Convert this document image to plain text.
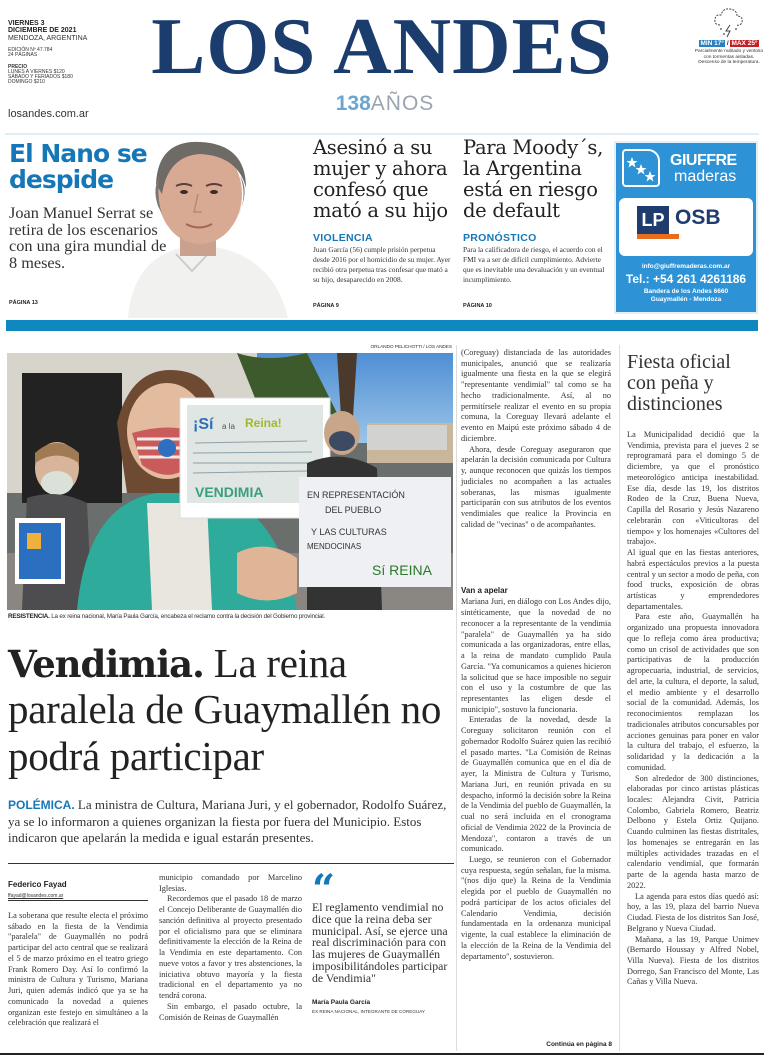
VIERNES 3
DICIEMBRE DE 2021
MENDOZA, ARGENTINA
EDICIÓN Nº 47.784
24 PÁGINAS
PRECIO
LUNES A VIERNES $120
SÁBADO Y FERIADOS $180
DOMINGO $210
losandes.com.ar
LOS ANDES
138AÑOS
MIN 17° / MAX 25°
Parcialmente nublado y ventoso con tormentas aisladas. Descenso de la temperatura.
El Nano se despide
Joan Manuel Serrat se retira de los escenarios con una gira mundial de 8 meses.
PÁGINA 13
Asesinó a su mujer y ahora confesó que mató a su hijo
VIOLENCIA
Juan García (56) cumple prisión perpetua desde 2016 por el homicidio de su mujer. Ayer recibió otra perpetua tras confesar que mató a su hijo, desaparecido en 2008.
PÁGINA 9
Para Moody´s, la Argentina está en riesgo de default
PRONÓSTICO
Para la calificadora de riesgo, el acuerdo con el FMI va a ser de difícil cumplimiento. Advierte que es inevitable una devaluación y un eventual incumplimiento.
PÁGINA 10
GIUFFRE
maderas
LP OSB
info@giuffremaderas.com.ar
Tel.: +54 261 4261186
Bandera de los Andes 6660
Guaymallén - Mendoza
ORLANDO PELICHOTTI / LOS ANDES
¡Sí a la Reina!
VENDIMIA	EN REPRESENTACIÓN
DEL PUEBLO
Y LAS CULTURAS
MENDOCINAS
Sí REINA
RESISTENCIA. La ex reina nacional, María Paula García, encabeza el reclamo contra la decisión del Gobierno provincial.
Vendimia. La reina paralela de Guaymallén no podrá participar
POLÉMICA. La ministra de Cultura, Mariana Juri, y el gobernador, Rodolfo Suárez, ya se lo informaron a quienes organizan la fiesta por fuera del Municipio. Estos indicaron que apelarán la medida e igual estarán presentes.
Federico Fayad
ffayad@losandes.com.ar

La soberana que resulte electa el próximo sábado en la fiesta de la Vendimia "paralela" de Guaymallén no podrá participar del acto central que se realizará el 5 de marzo próximo en el teatro griego Frank Romero Day. Así lo confirmó la ministra de Cultura y Turismo, Mariana Juri, quien además indicó que ya se ha comunicado la novedad a quienes organizan este festejo en simultáneo a la celebración que realizará el

municipio comandado por Marcelino Iglesias.

Recordemos que el pasado 18 de marzo el Concejo Deliberante de Guaymallén dio sanción definitiva al proyecto presentado por el oficialismo para que se eliminara definitivamente la elección de la Reina de la Vendimia en este departamento. Con nueve votos a favor y tres abstenciones, la iniciativa obtuvo mayoría y la fiesta tradicional en el departamento ya no tendrá corona.

Sin embargo, el pasado octubre, la Comisión de Reinas de Guaymallén

“
El reglamento vendimial no dice que la reina deba ser municipal. Así, se ejerce una real discriminación para con las mujeres de Guaymallén imposibilitándoles participar de Vendimia"
María Paula García
EX REINA NACIONAL, INTEGRANTE DE COREGUAY

(Coreguay) distanciada de las autoridades municipales, anunció que se realizaría igualmente una fiesta en la que se elegirá "representante vendimial" tal como se ha hecho tradicionalmente. Así, al no permitírsele realizar el evento en su propia comuna, la Coreguay llevará adelante el evento en Maipú este próximo sábado 4 de diciembre.

Ahora, desde Coreguay aseguraron que apelarán la decisión comunicada por Cultura y, aunque reconocen que quizás los tiempos judiciales no acompañen a las actuales soberanas, las mismas igualmente participarán con sus atributos de los eventos vendimiales que realice la Provincia en calidad de "vecinas" o de acompañantes.

Van a apelar

Mariana Juri, en diálogo con Los Andes dijo, sintéticamente, que la novedad de no reconocer a la representante de la vendimia "paralela" de Guaymallén ya ha sido comunicada a las organizadoras, entre ellas, a la reina de mandato cumplido Paula García. "Ya comunicamos a quienes hicieron la solicitud que se hace imposible no seguir con el uso y la costumbre de que las representantes las eligen desde el municipio", sostuvo la funcionaria.

Enteradas de la novedad, desde la Coreguay solicitaron reunión con el gobernador Rodolfo Suárez quien las recibió el pasado martes. "La Comisión de Reinas de Guaymallén comunica que en el día de ayer, la Ministra de Cultura y Turismo, Mariana Juri, en reunión privada en su despacho, informó la decisión sobre la Reina de la Vendimia del pueblo de Guaymallén, la cual no será incluida en el cronograma oficial de Vendimia 2022 de la Provincia de Mendoza", contaron a través de un comunicado.

Luego, se reunieron con el Gobernador cuya respuesta, según señalan, fue la misma. "(nos dijo que) la Reina de la Vendimia elegida por el pueblo de Guaymallén no podrá participar de los actos oficiales del Calendario Vendimia, decisión fundamentada en la ordenanza municipal vigente, la cual establece la eliminación de la elección de la Reina de la Vendimia del departamento", sostuvieron.

Continúa en página 8
Fiesta oficial con peña y distinciones

La Municipalidad decidió que la Vendimia, prevista para el jueves 2 se reprogramará para el domingo 5 de diciembre, ya que el pronóstico meteorológico anticipa inestabilidad. Ese día, desde las 19, los distritos Rodeo de la Cruz, Buena Nueva, Capilla del Rosario y Jesús Nazareno celebrarán con «Viticultoras del tiempo» y los homenajes «Cultores del trabajo».

Al igual que en las fiestas anteriores, habrá espectáculos previos a la puesta central y un sector a modo de peña, con food trucks, exposición de obras artísticas y emprendedores departamentales.

Para este año, Guaymallén ha organizado una propuesta innovadora que lo refleja como área productiva; como un crisol de actividades que son participativas de la producción agropecuaria, industrial, de servicios, del arte, la cultura, el deporte, la salud, el medio ambiente y el desarrollo social de la comunidad. Además, los reconocimientos remplazan los tradicionales atributos concursables por acciones genuinas para poner en valor la cultura del trabajo, el esfuerzo, la solidaridad y la dedicación a la comunidad.

Son alrededor de 300 distinciones, elaboradas por cinco artistas plásticas locales: Alejandra Civit, Patricia Colombo, Gabriela Romero, Beatriz Delbono y Estela Ortiz Quijano. Cuando culminen las fiestas distritales, los homenajes se entregarán en las múltiples actividades trazadas en el calendario vendimial, que formarán parte de la agenda hasta marzo de 2022.

La agenda para estos días quedó así: hoy, a las 19, plaza del barrio Nueva Ciudad. Fiesta de los distritos San José, Belgrano y Nueva Ciudad.

Mañana, a las 19, Parque Unimev (Bernardo Houssay y Alfred Nobel, Villa Nueva). Fiesta de los distritos Dorrego, San Francisco del Monte, Las Cañas y Villa Nueva.
